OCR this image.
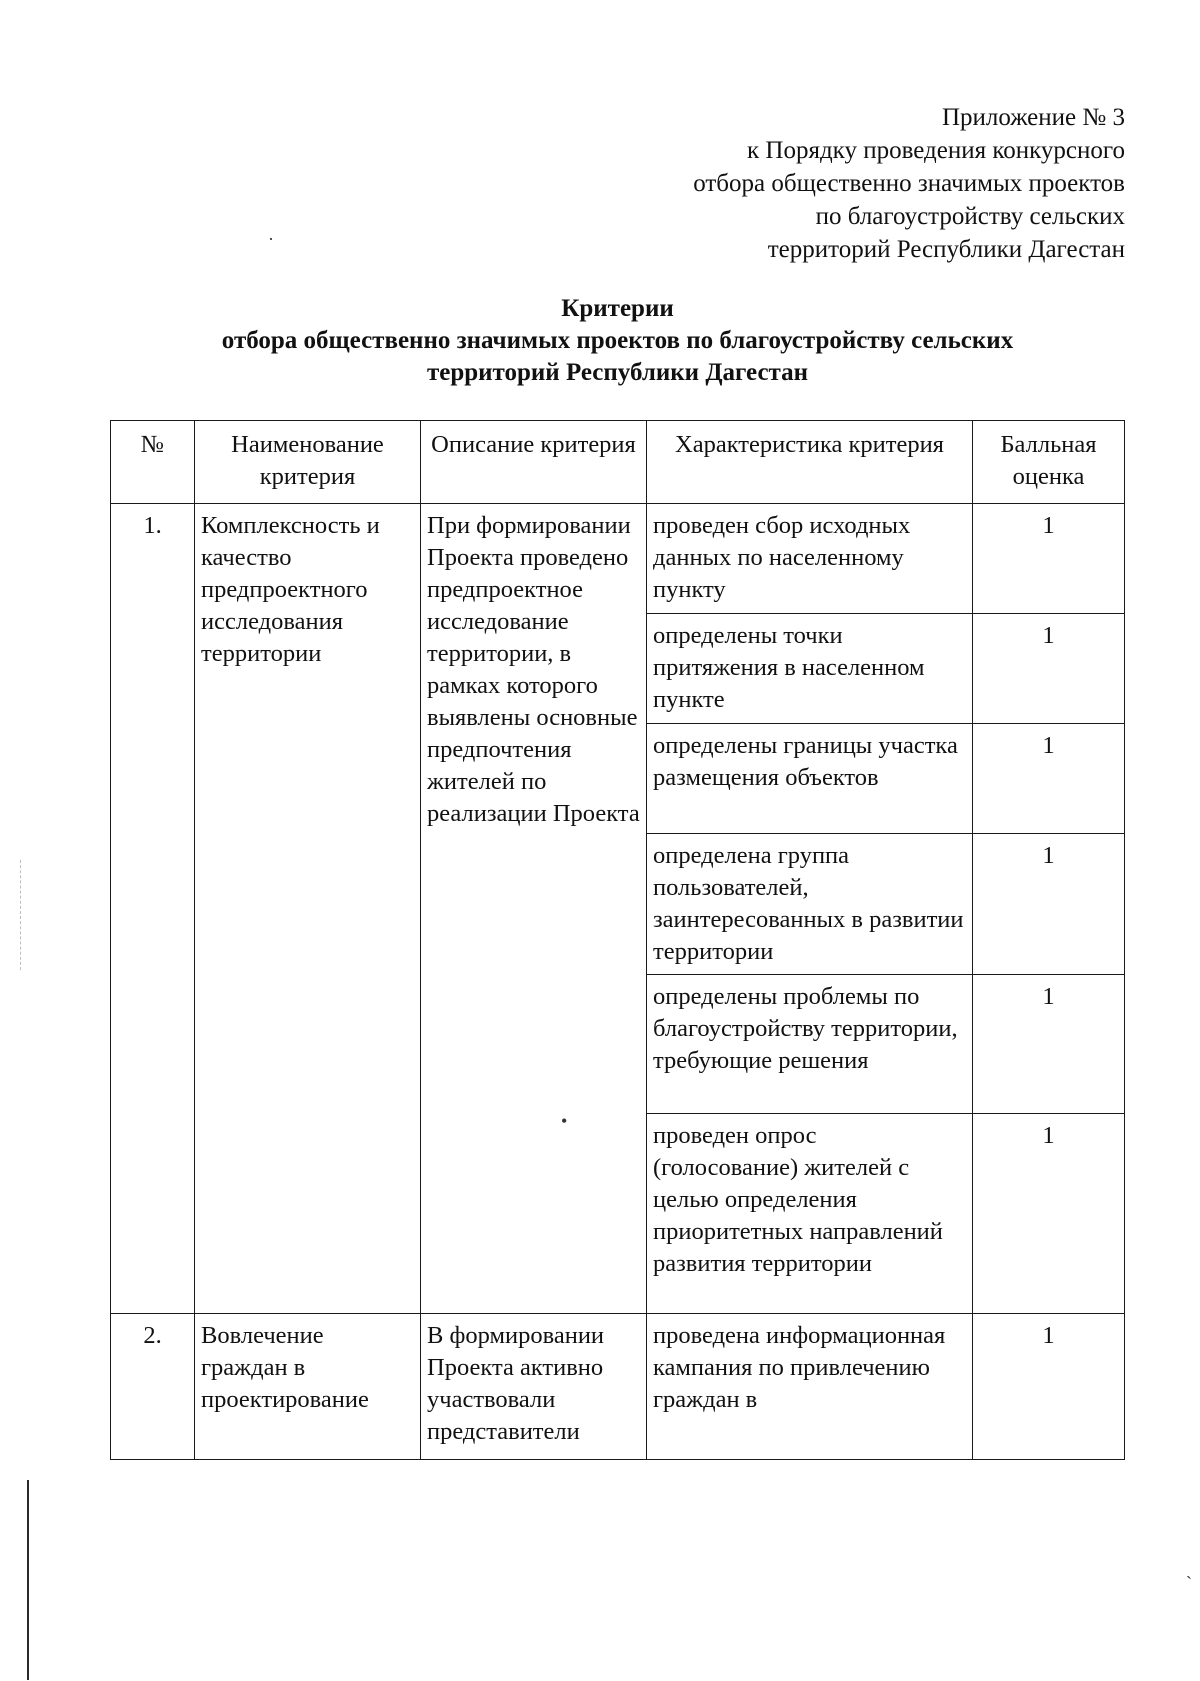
Приложение № 3
к Порядку проведения конкурсного
отбора общественно значимых проектов
по благоустройству сельских
территорий Республики Дагестан
Критерии
отбора общественно значимых проектов по благоустройству сельских
территорий Республики Дагестан
№	Наименование критерия	Описание критерия	Характеристика критерия	Балльная оценка
1.	Комплексность и качество предпроектного исследования территории	При формировании Проекта проведено предпроектное исследование территории, в рамках которого выявлены основные предпочтения жителей по реализации Проекта	проведен сбор исходных данных по населенному пункту	1
			определены точки притяжения в населенном пункте	1
			определены границы участка размещения объектов	1
			определена группа пользователей, заинтересованных в развитии территории	1
			определены проблемы по благоустройству территории, требующие решения	1
			проведен опрос (голосование) жителей с целью определения приоритетных направлений развития территории	1
2.	Вовлечение граждан в проектирование	В формировании Проекта активно участвовали представители	проведена информационная кампания по привлечению граждан в	1
·
•
ˏ
